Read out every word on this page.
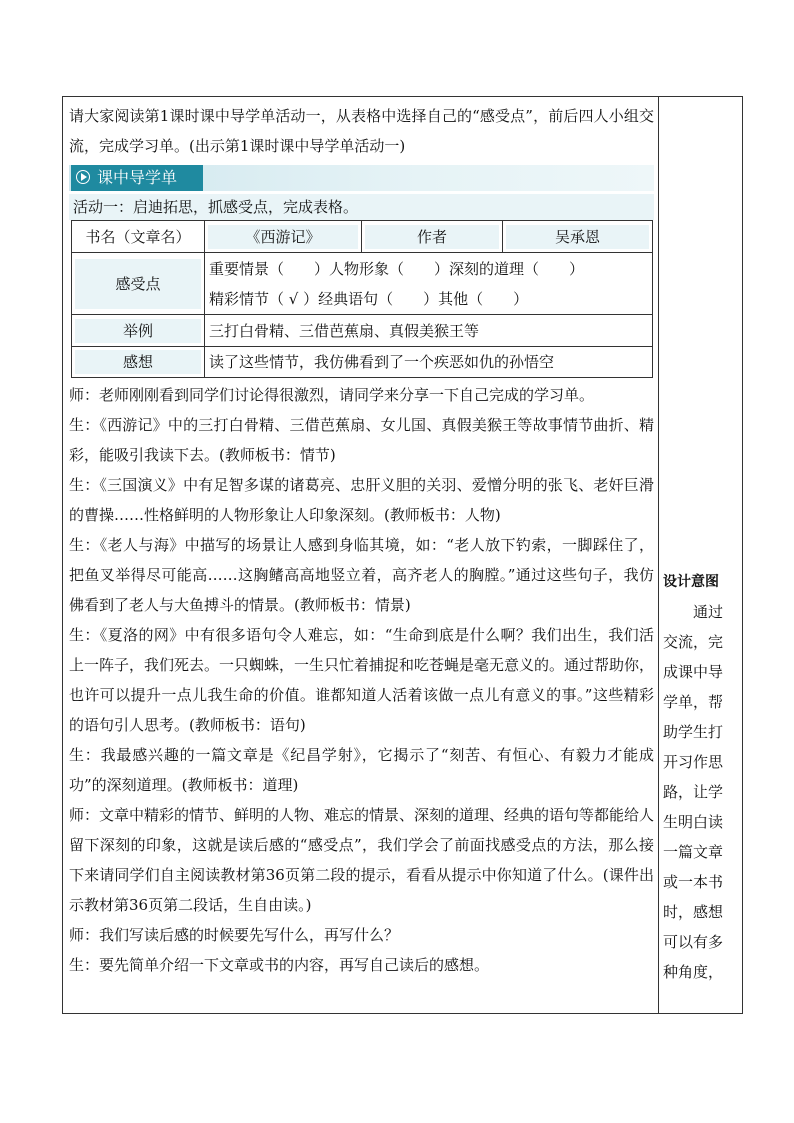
请大家阅读第1课时课中导学单活动一，从表格中选择自己的“感受点”，前后四人小组交流，完成学习单。(出示第1课时课中导学单活动一)

课中导学单
活动一：启迪拓思，抓感受点，完成表格。
书名（文章名）	《西游记》	作者	吴承恩

感受点	重要情景（　　）人物形象（　　）深刻的道理（　　）
精彩情节（ √ ）经典语句（　　）其他（　　）		

举例	三打白骨精、三借芭蕉扇、真假美猴王等		

感想	读了这些情节，我仿佛看到了一个疾恶如仇的孙悟空		

师：老师刚刚看到同学们讨论得很激烈，请同学来分享一下自己完成的学习单。

生：《西游记》中的三打白骨精、三借芭蕉扇、女儿国、真假美猴王等故事情节曲折、精彩，能吸引我读下去。(教师板书：情节)

生：《三国演义》中有足智多谋的诸葛亮、忠肝义胆的关羽、爱憎分明的张飞、老奸巨滑的曹操……性格鲜明的人物形象让人印象深刻。(教师板书：人物)

生：《老人与海》中描写的场景让人感到身临其境，如：“老人放下钓索，一脚踩住了，把鱼叉举得尽可能高……这胸鳍高高地竖立着，高齐老人的胸膛。”通过这些句子，我仿佛看到了老人与大鱼搏斗的情景。(教师板书：情景)

生：《夏洛的网》中有很多语句令人难忘，如：“生命到底是什么啊？我们出生，我们活上一阵子，我们死去。一只蜘蛛，一生只忙着捕捉和吃苍蝇是毫无意义的。通过帮助你，也许可以提升一点儿我生命的价值。谁都知道人活着该做一点儿有意义的事。”这些精彩的语句引人思考。(教师板书：语句)

生：我最感兴趣的一篇文章是《纪昌学射》，它揭示了“刻苦、有恒心、有毅力才能成功”的深刻道理。(教师板书：道理)

师：文章中精彩的情节、鲜明的人物、难忘的情景、深刻的道理、经典的语句等都能给人留下深刻的印象，这就是读后感的“感受点”，我们学会了前面找感受点的方法，那么接下来请同学们自主阅读教材第36页第二段的提示，看看从提示中你知道了什么。(课件出示教材第36页第二段话，生自由读。)

师：我们写读后感的时候要先写什么，再写什么？

生：要先简单介绍一下文章或书的内容，再写自己读后的感想。

设计意图

通过交流，完成课中导学单，帮助学生打开习作思路，让学生明白读一篇文章或一本书时，感想可以有多种角度，
